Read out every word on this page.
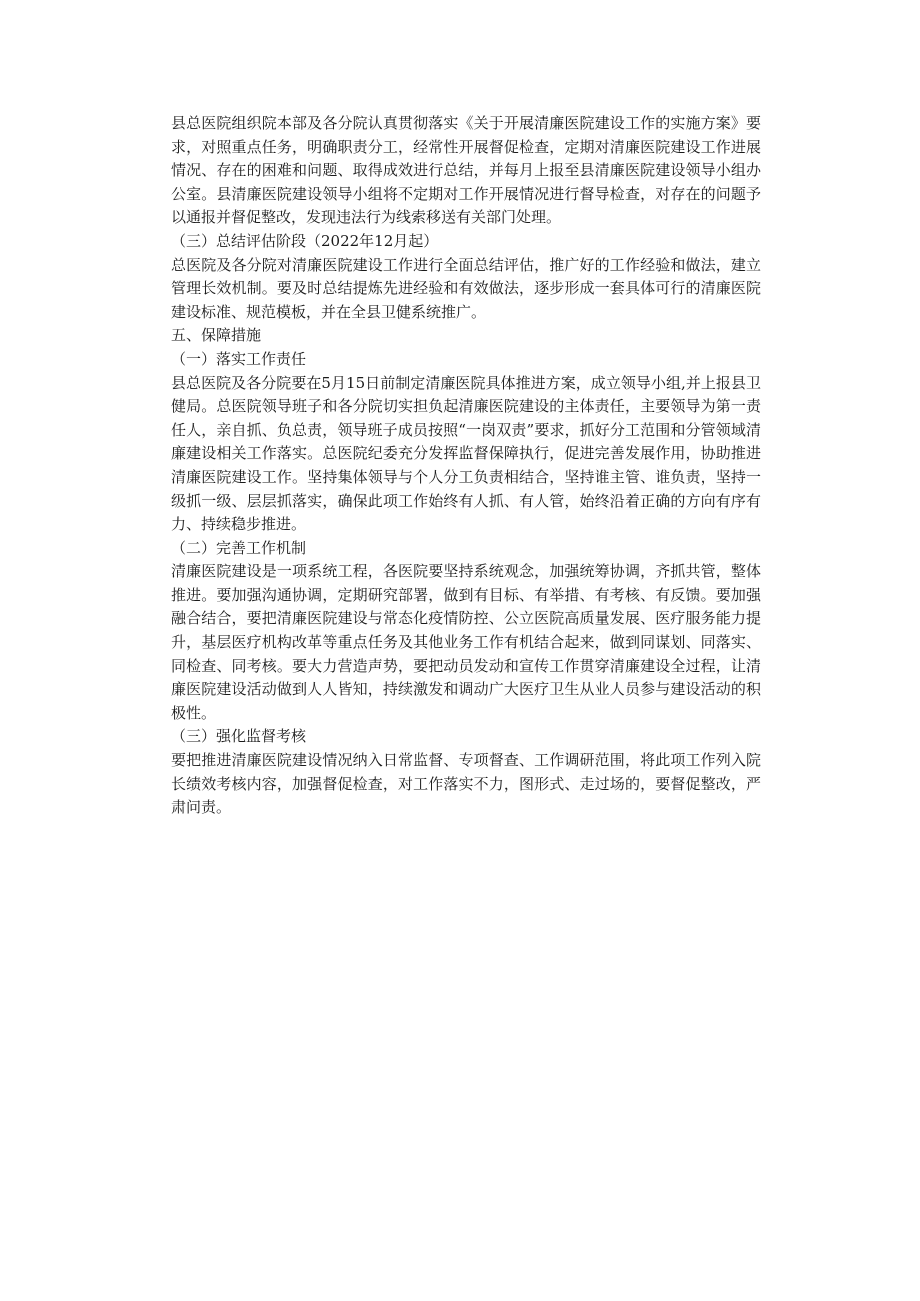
县总医院组织院本部及各分院认真贯彻落实《关于开展清廉医院建设工作的实施方案》要求，对照重点任务，明确职责分工，经常性开展督促检查，定期对清廉医院建设工作进展情况、存在的困难和问题、取得成效进行总结，并每月上报至县清廉医院建设领导小组办公室。县清廉医院建设领导小组将不定期对工作开展情况进行督导检查，对存在的问题予以通报并督促整改，发现违法行为线索移送有关部门处理。

（三）总结评估阶段（2022年12月起）

总医院及各分院对清廉医院建设工作进行全面总结评估，推广好的工作经验和做法，建立管理长效机制。要及时总结提炼先进经验和有效做法，逐步形成一套具体可行的清廉医院建设标准、规范模板，并在全县卫健系统推广。

五、保障措施

（一）落实工作责任

县总医院及各分院要在5月15日前制定清廉医院具体推进方案，成立领导小组,并上报县卫健局。总医院领导班子和各分院切实担负起清廉医院建设的主体责任，主要领导为第一责任人，亲自抓、负总责，领导班子成员按照“一岗双责”要求，抓好分工范围和分管领域清廉建设相关工作落实。总医院纪委充分发挥监督保障执行，促进完善发展作用，协助推进清廉医院建设工作。坚持集体领导与个人分工负责相结合，坚持谁主管、谁负责，坚持一级抓一级、层层抓落实，确保此项工作始终有人抓、有人管，始终沿着正确的方向有序有力、持续稳步推进。

（二）完善工作机制

清廉医院建设是一项系统工程，各医院要坚持系统观念，加强统筹协调，齐抓共管，整体推进。要加强沟通协调，定期研究部署，做到有目标、有举措、有考核、有反馈。要加强融合结合，要把清廉医院建设与常态化疫情防控、公立医院高质量发展、医疗服务能力提升，基层医疗机构改革等重点任务及其他业务工作有机结合起来，做到同谋划、同落实、同检查、同考核。要大力营造声势，要把动员发动和宣传工作贯穿清廉建设全过程，让清廉医院建设活动做到人人皆知，持续激发和调动广大医疗卫生从业人员参与建设活动的积极性。

（三）强化监督考核

要把推进清廉医院建设情况纳入日常监督、专项督查、工作调研范围，将此项工作列入院长绩效考核内容，加强督促检查，对工作落实不力，图形式、走过场的，要督促整改，严肃问责。
